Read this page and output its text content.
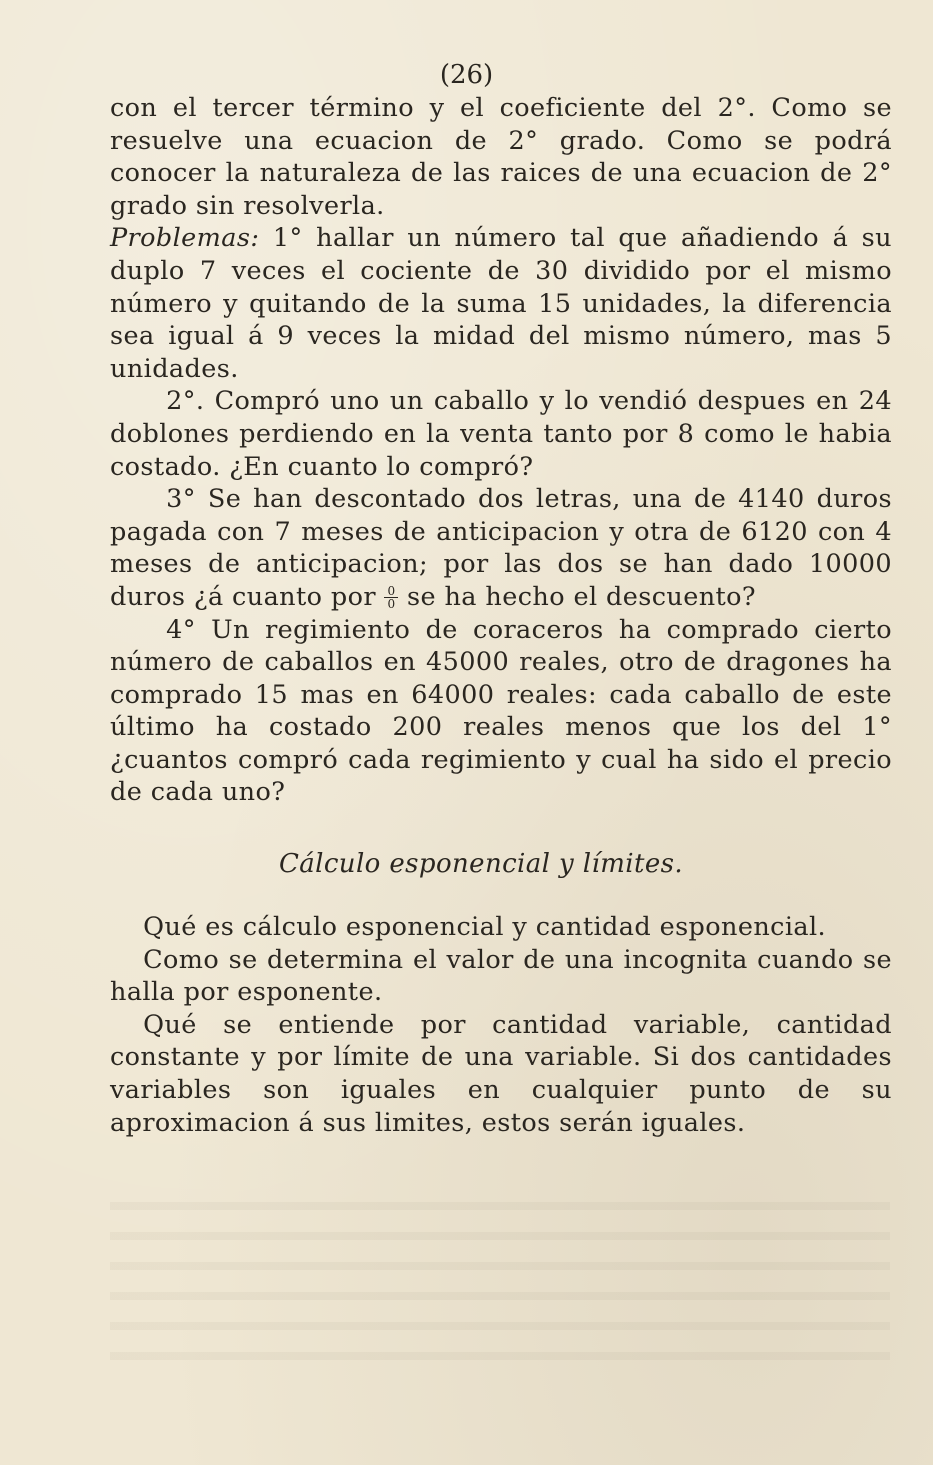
(26)

con el tercer término y el coeficiente del 2°. Como se resuelve una ecuacion de 2° grado. Como se podrá conocer la naturaleza de las raices de una ecuacion de 2° grado sin resolverla.

Problemas: 1° hallar un número tal que añadiendo á su duplo 7 veces el cociente de 30 dividido por el mismo número y quitando de la suma 15 unidades, la diferencia sea igual á 9 veces la midad del mismo número, mas 5 unidades.

2°. Compró uno un caballo y lo vendió despues en 24 doblones perdiendo en la venta tanto por 8 como le habia costado. ¿En cuanto lo compró?

3° Se han descontado dos letras, una de 4140 duros pagada con 7 meses de anticipacion y otra de 6120 con 4 meses de anticipacion; por las dos se han dado 10000 duros ¿á cuanto por $\frac{0}{0}$ se ha hecho el descuento?

4° Un regimiento de coraceros ha comprado cierto número de caballos en 45000 reales, otro de dragones ha comprado 15 mas en 64000 reales: cada caballo de este último ha costado 200 reales menos que los del 1° ¿cuantos compró cada regimiento y cual ha sido el precio de cada uno?

Cálculo esponencial y límites.

Qué es cálculo esponencial y cantidad esponencial.

Como se determina el valor de una incognita cuando se halla por esponente.

Qué se entiende por cantidad variable, cantidad constante y por límite de una variable. Si dos cantidades variables son iguales en cualquier punto de su aproximacion á sus limites, estos serán iguales.
